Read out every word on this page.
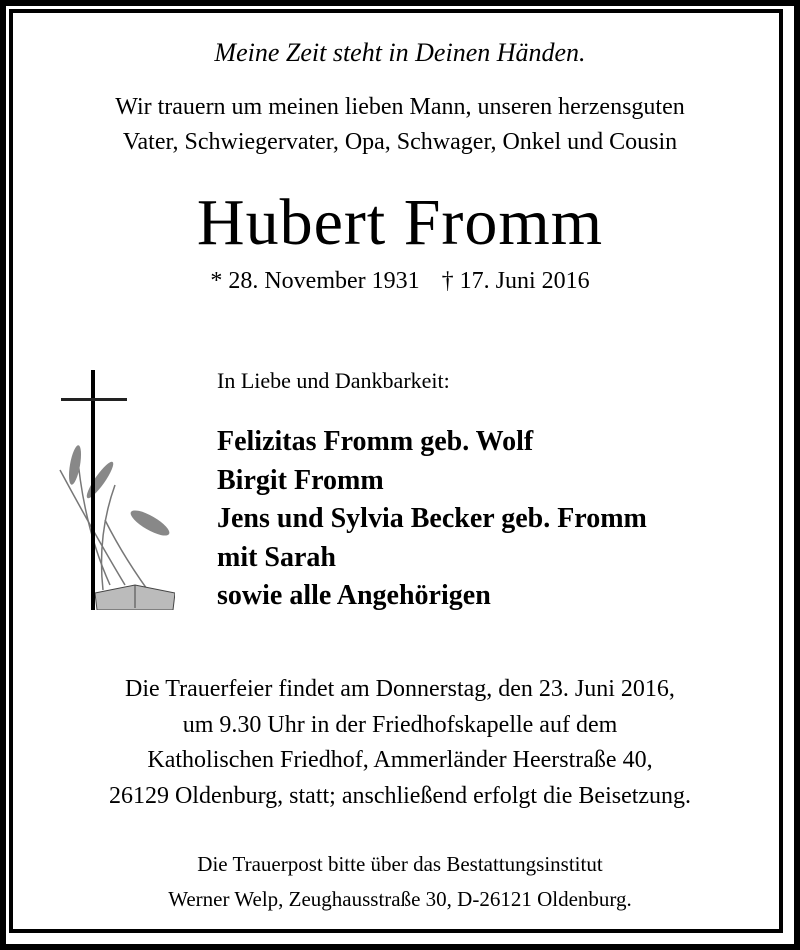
Meine Zeit steht in Deinen Händen.
Wir trauern um meinen lieben Mann, unseren herzensguten
Vater, Schwiegervater, Opa, Schwager, Onkel und Cousin
Hubert Fromm
* 28. November 1931 † 17. Juni 2016
In Liebe und Dankbarkeit:
Felizitas Fromm geb. Wolf
Birgit Fromm
Jens und Sylvia Becker geb. Fromm
mit Sarah
sowie alle Angehörigen
Die Trauerfeier findet am Donnerstag, den 23. Juni 2016,
um 9.30 Uhr in der Friedhofskapelle auf dem
Katholischen Friedhof, Ammerländer Heerstraße 40,
26129 Oldenburg, statt; anschließend erfolgt die Beisetzung.
Die Trauerpost bitte über das Bestattungsinstitut
Werner Welp, Zeughausstraße 30, D-26121 Oldenburg.
